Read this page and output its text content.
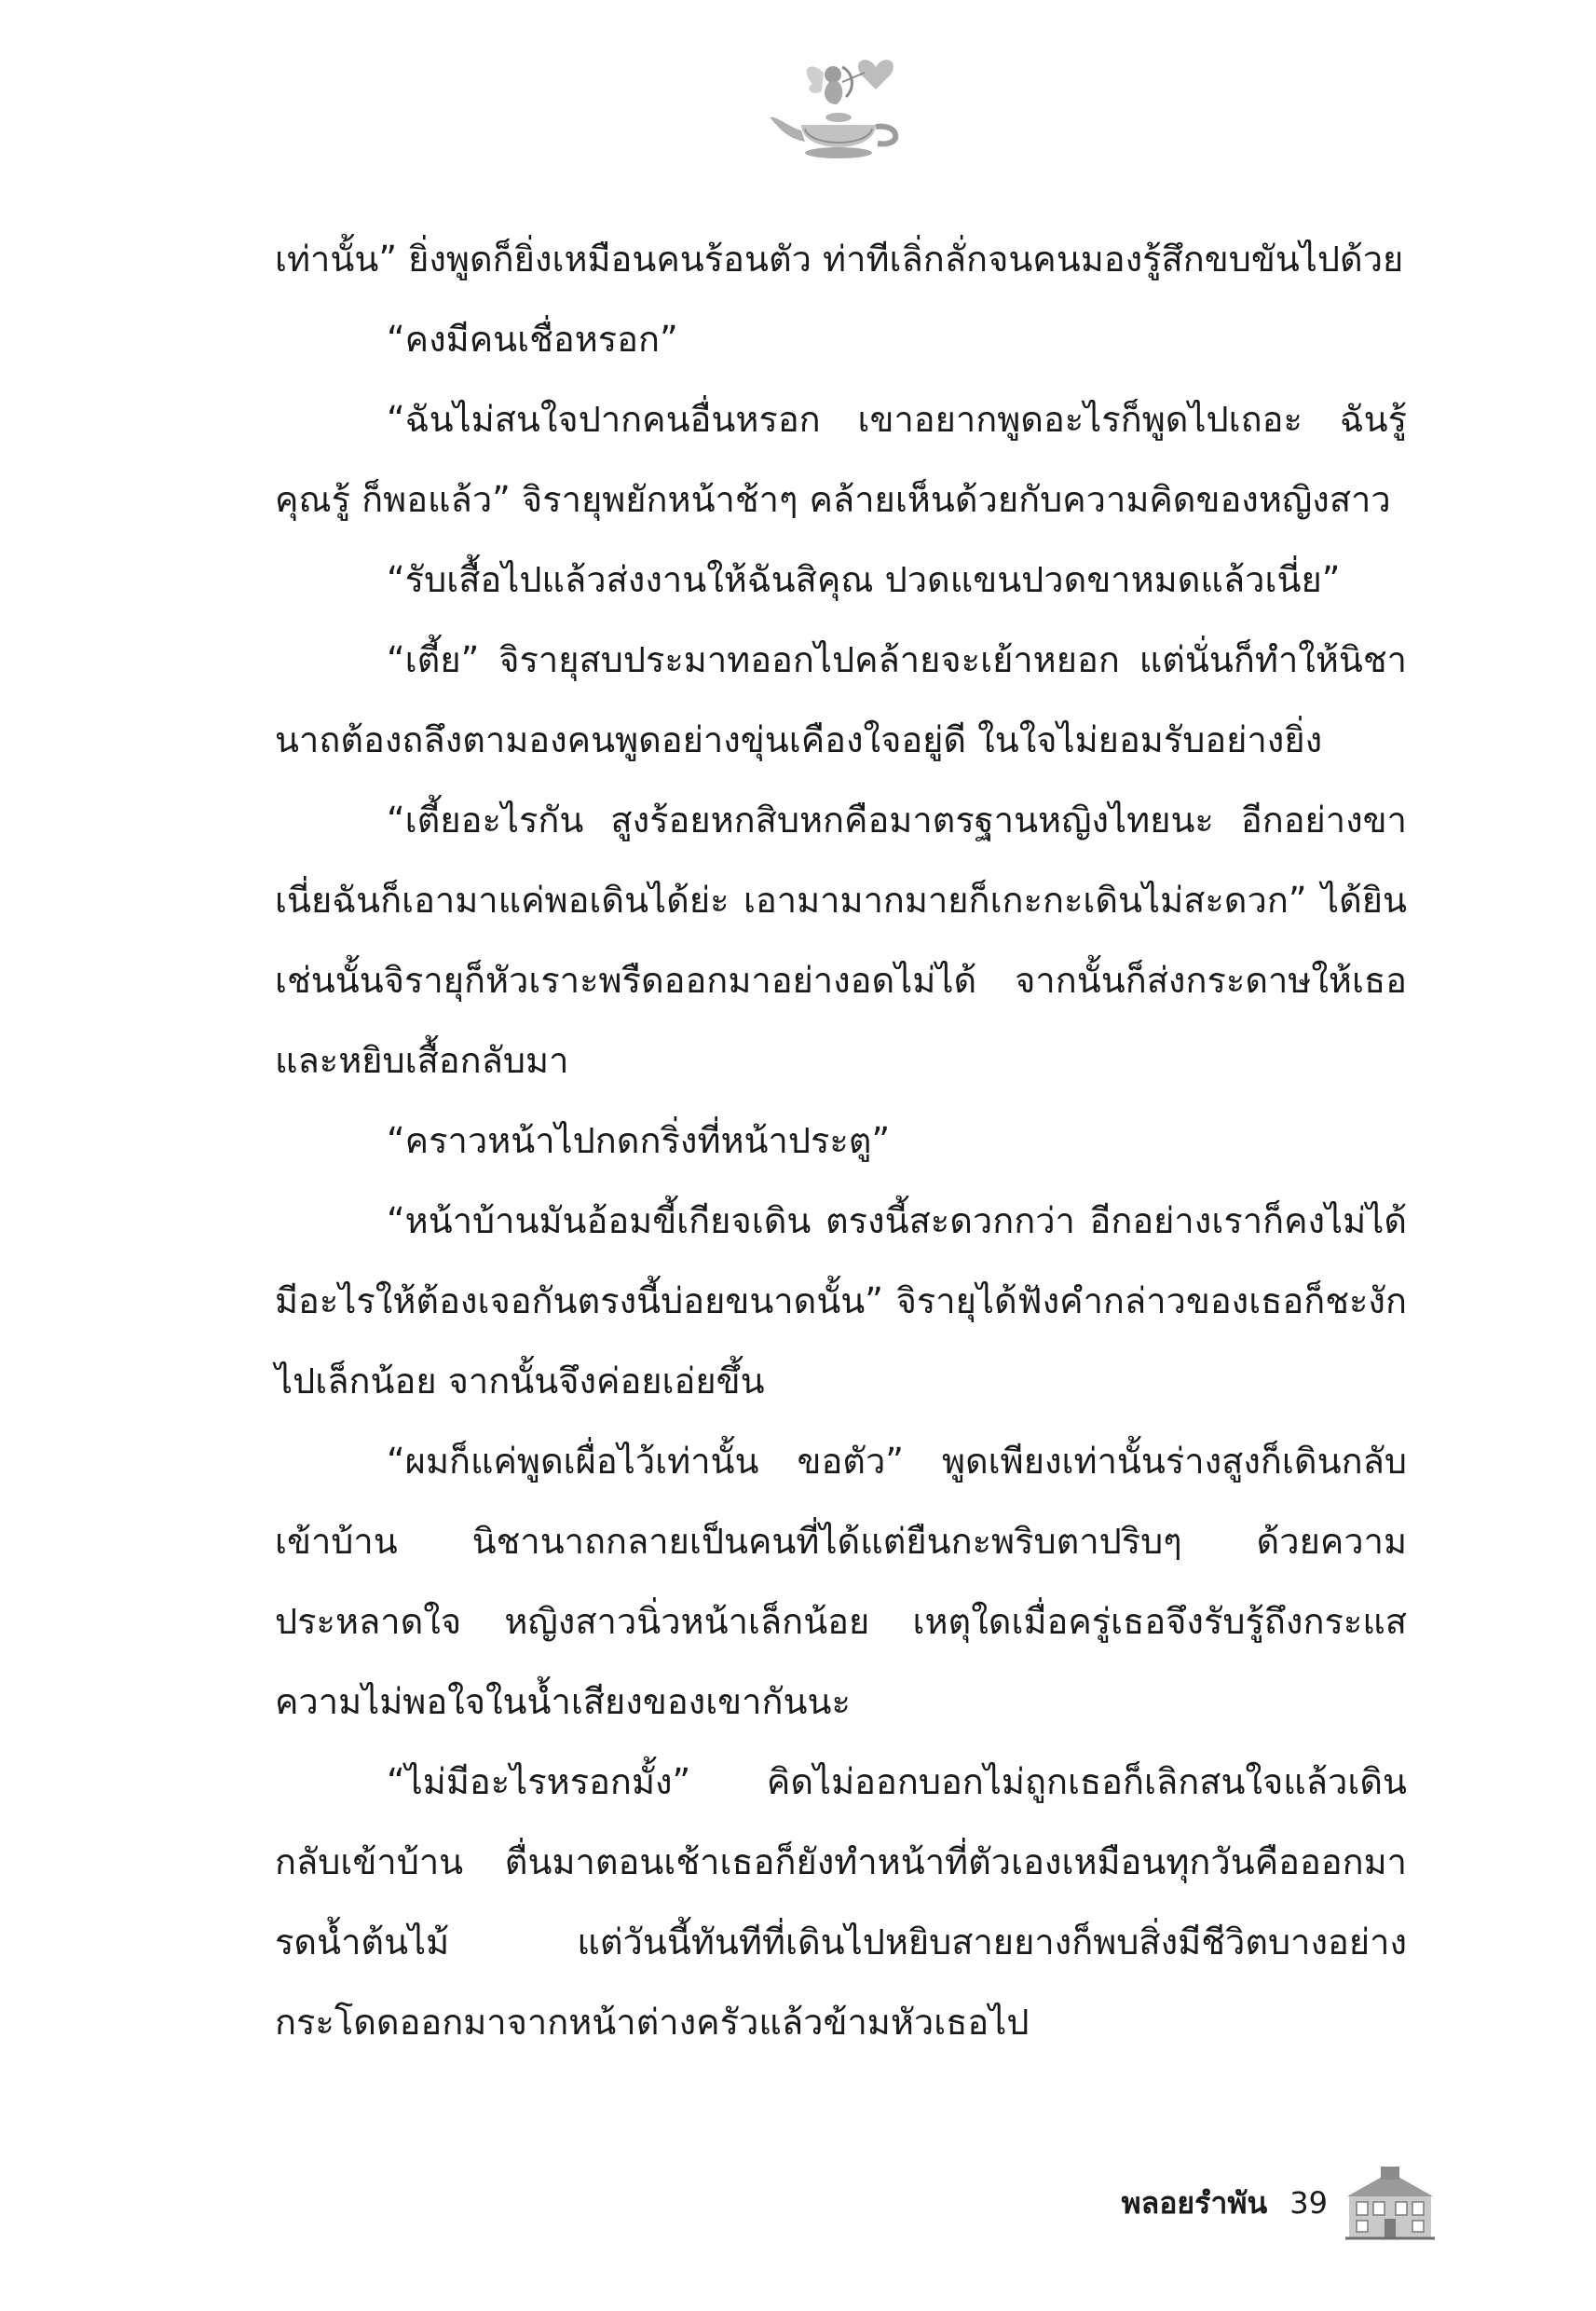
เท่านั้น” ยิ่งพูดก็ยิ่งเหมือนคนร้อนตัว ท่าทีเลิ่กลั่กจนคนมองรู้สึกขบขันไปด้วย

“คงมีคนเชื่อหรอก”

“ฉันไม่สนใจปากคนอื่นหรอก เขาอยากพูดอะไรก็พูดไปเถอะ ฉันรู้ คุณรู้ ก็พอแล้ว” จิรายุพยักหน้าช้าๆ คล้ายเห็นด้วยกับความคิดของหญิงสาว

“รับเสื้อไปแล้วส่งงานให้ฉันสิคุณ ปวดแขนปวดขาหมดแล้วเนี่ย”

“เตี้ย” จิรายุสบประมาทออกไปคล้ายจะเย้าหยอก แต่นั่นก็ทำให้นิชานาถต้องถลึงตามองคนพูดอย่างขุ่นเคืองใจอยู่ดี ในใจไม่ยอมรับอย่างยิ่ง

“เตี้ยอะไรกัน สูงร้อยหกสิบหกคือมาตรฐานหญิงไทยนะ อีกอย่างขาเนี่ยฉันก็เอามาแค่พอเดินได้ย่ะ เอามามากมายก็เกะกะเดินไม่สะดวก” ได้ยินเช่นนั้นจิรายุก็หัวเราะพรืดออกมาอย่างอดไม่ได้ จากนั้นก็ส่งกระดาษให้เธอและหยิบเสื้อกลับมา

“คราวหน้าไปกดกริ่งที่หน้าประตู”

“หน้าบ้านมันอ้อมขี้เกียจเดิน ตรงนี้สะดวกกว่า อีกอย่างเราก็คงไม่ได้มีอะไรให้ต้องเจอกันตรงนี้บ่อยขนาดนั้น” จิรายุได้ฟังคำกล่าวของเธอก็ชะงักไปเล็กน้อย จากนั้นจึงค่อยเอ่ยขึ้น

“ผมก็แค่พูดเผื่อไว้เท่านั้น ขอตัว” พูดเพียงเท่านั้นร่างสูงก็เดินกลับเข้าบ้าน นิชานาถกลายเป็นคนที่ได้แต่ยืนกะพริบตาปริบๆ ด้วยความประหลาดใจ หญิงสาวนิ่วหน้าเล็กน้อย เหตุใดเมื่อครู่เธอจึงรับรู้ถึงกระแสความไม่พอใจในน้ำเสียงของเขากันนะ

“ไม่มีอะไรหรอกมั้ง” คิดไม่ออกบอกไม่ถูกเธอก็เลิกสนใจแล้วเดินกลับเข้าบ้าน ตื่นมาตอนเช้าเธอก็ยังทำหน้าที่ตัวเองเหมือนทุกวันคือออกมารดน้ำต้นไม้ แต่วันนี้ทันทีที่เดินไปหยิบสายยางก็พบสิ่งมีชีวิตบางอย่างกระโดดออกมาจากหน้าต่างครัวแล้วข้ามหัวเธอไป

พลอยรำพัน 39
